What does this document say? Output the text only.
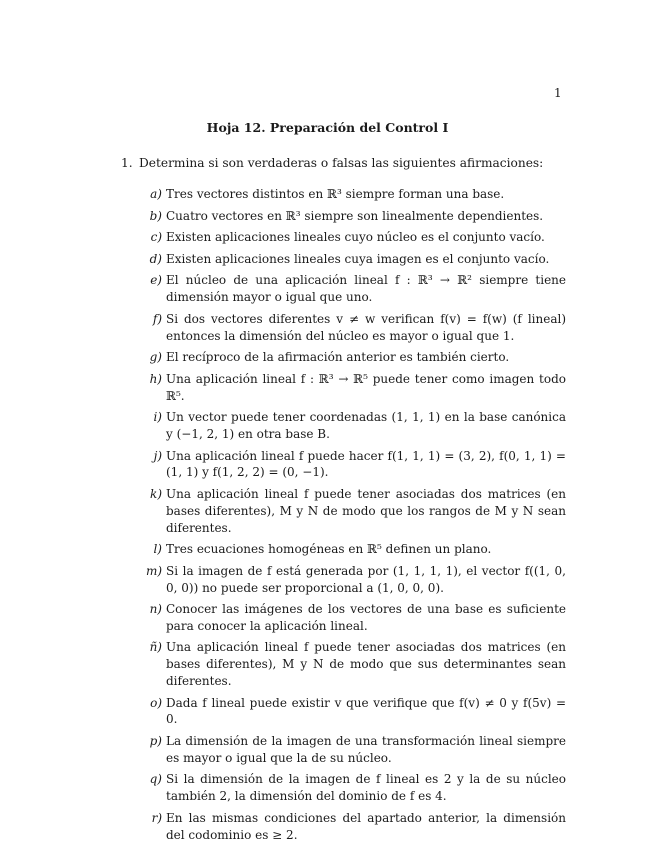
1
Hoja 12. Preparación del Control I
1. Determina si son verdaderas o falsas las siguientes afirmaciones:
a) Tres vectores distintos en ℝ³ siempre forman una base.
b) Cuatro vectores en ℝ³ siempre son linealmente dependientes.
c) Existen aplicaciones lineales cuyo núcleo es el conjunto vacío.
d) Existen aplicaciones lineales cuya imagen es el conjunto vacío.
e) El núcleo de una aplicación lineal f : ℝ³ → ℝ² siempre tiene dimensión mayor o igual que uno.
f) Si dos vectores diferentes v ≠ w verifican f(v) = f(w) (f lineal) entonces la dimensión del núcleo es mayor o igual que 1.
g) El recíproco de la afirmación anterior es también cierto.
h) Una aplicación lineal f : ℝ³ → ℝ⁵ puede tener como imagen todo ℝ⁵.
i) Un vector puede tener coordenadas (1, 1, 1) en la base canónica y (−1, 2, 1) en otra base B.
j) Una aplicación lineal f puede hacer f(1, 1, 1) = (3, 2), f(0, 1, 1) = (1, 1) y f(1, 2, 2) = (0, −1).
k) Una aplicación lineal f puede tener asociadas dos matrices (en bases diferentes), M y N de modo que los rangos de M y N sean diferentes.
l) Tres ecuaciones homogéneas en ℝ⁵ definen un plano.
m) Si la imagen de f está generada por (1, 1, 1, 1), el vector f((1, 0, 0, 0)) no puede ser proporcional a (1, 0, 0, 0).
n) Conocer las imágenes de los vectores de una base es suficiente para conocer la aplicación lineal.
ñ) Una aplicación lineal f puede tener asociadas dos matrices (en bases diferentes), M y N de modo que sus determinantes sean diferentes.
o) Dada f lineal puede existir v que verifique que f(v) ≠ 0 y f(5v) = 0.
p) La dimensión de la imagen de una transformación lineal siempre es mayor o igual que la de su núcleo.
q) Si la dimensión de la imagen de f lineal es 2 y la de su núcleo también 2, la dimensión del dominio de f es 4.
r) En las mismas condiciones del apartado anterior, la dimensión del codominio es ≥ 2.
